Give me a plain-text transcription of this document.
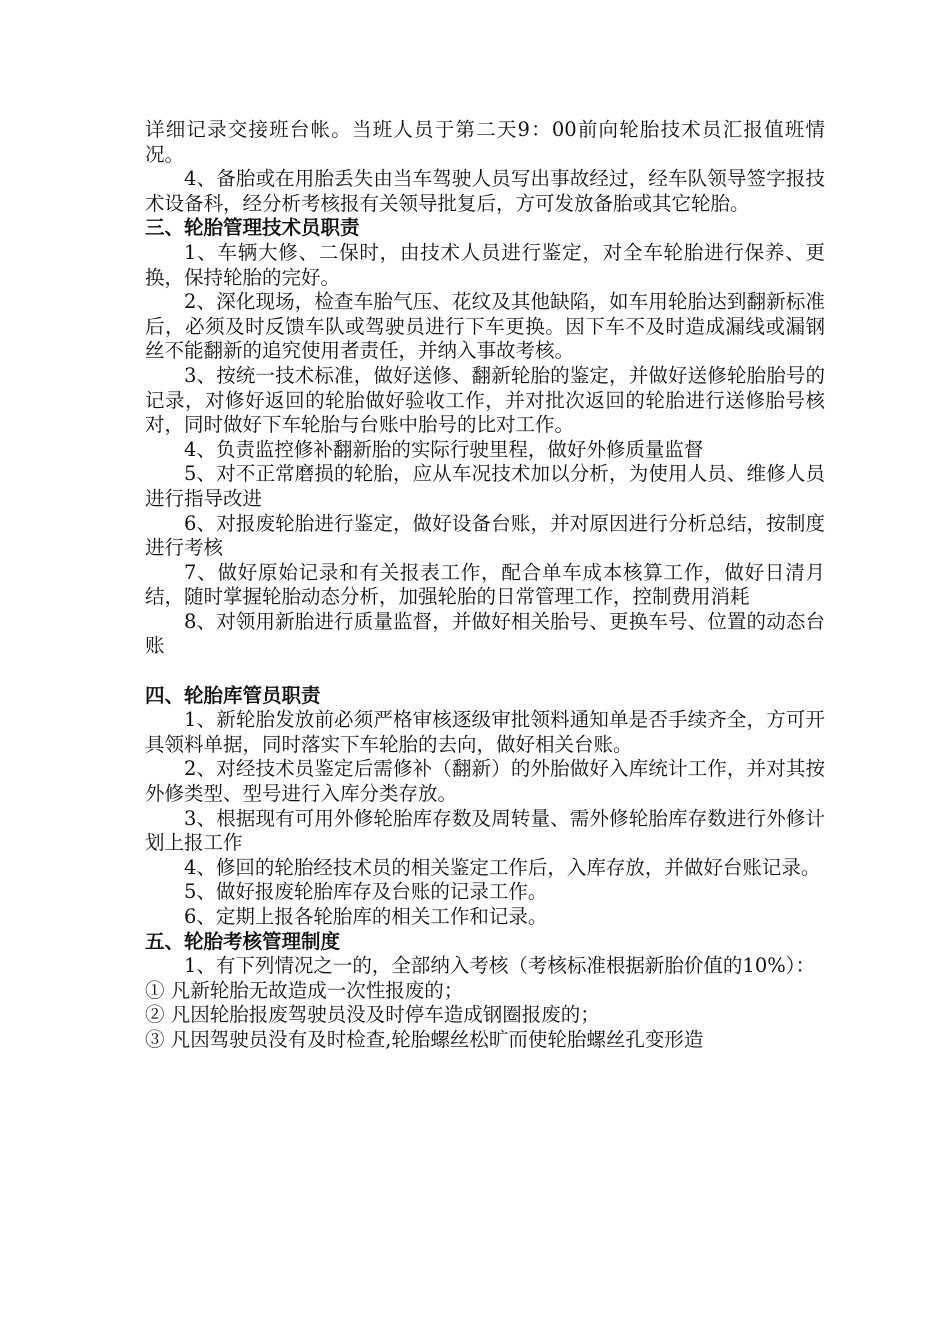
详细记录交接班台帐。当班人员于第二天9：00前向轮胎技术员汇报值班情况。

4、备胎或在用胎丢失由当车驾驶人员写出事故经过，经车队领导签字报技术设备科，经分析考核报有关领导批复后，方可发放备胎或其它轮胎。

三、轮胎管理技术员职责

1、车辆大修、二保时，由技术人员进行鉴定，对全车轮胎进行保养、更换，保持轮胎的完好。

2、深化现场，检查车胎气压、花纹及其他缺陷，如车用轮胎达到翻新标准后，必须及时反馈车队或驾驶员进行下车更换。因下车不及时造成漏线或漏钢丝不能翻新的追究使用者责任，并纳入事故考核。

3、按统一技术标准，做好送修、翻新轮胎的鉴定，并做好送修轮胎胎号的记录，对修好返回的轮胎做好验收工作，并对批次返回的轮胎进行送修胎号核对，同时做好下车轮胎与台账中胎号的比对工作。

4、负责监控修补翻新胎的实际行驶里程，做好外修质量监督

5、对不正常磨损的轮胎，应从车况技术加以分析，为使用人员、维修人员进行指导改进

6、对报废轮胎进行鉴定，做好设备台账，并对原因进行分析总结，按制度进行考核

7、做好原始记录和有关报表工作，配合单车成本核算工作，做好日清月结，随时掌握轮胎动态分析，加强轮胎的日常管理工作，控制费用消耗

8、对领用新胎进行质量监督，并做好相关胎号、更换车号、位置的动态台账

四、轮胎库管员职责

1、新轮胎发放前必须严格审核逐级审批领料通知单是否手续齐全，方可开具领料单据，同时落实下车轮胎的去向，做好相关台账。

2、对经技术员鉴定后需修补（翻新）的外胎做好入库统计工作，并对其按外修类型、型号进行入库分类存放。

3、根据现有可用外修轮胎库存数及周转量、需外修轮胎库存数进行外修计划上报工作

4、修回的轮胎经技术员的相关鉴定工作后，入库存放，并做好台账记录。

5、做好报废轮胎库存及台账的记录工作。

6、定期上报各轮胎库的相关工作和记录。

五、轮胎考核管理制度

1、有下列情况之一的，全部纳入考核（考核标准根据新胎价值的10%）：

① 凡新轮胎无故造成一次性报废的；

② 凡因轮胎报废驾驶员没及时停车造成钢圈报废的；

③ 凡因驾驶员没有及时检查,轮胎螺丝松旷而使轮胎螺丝孔变形造
